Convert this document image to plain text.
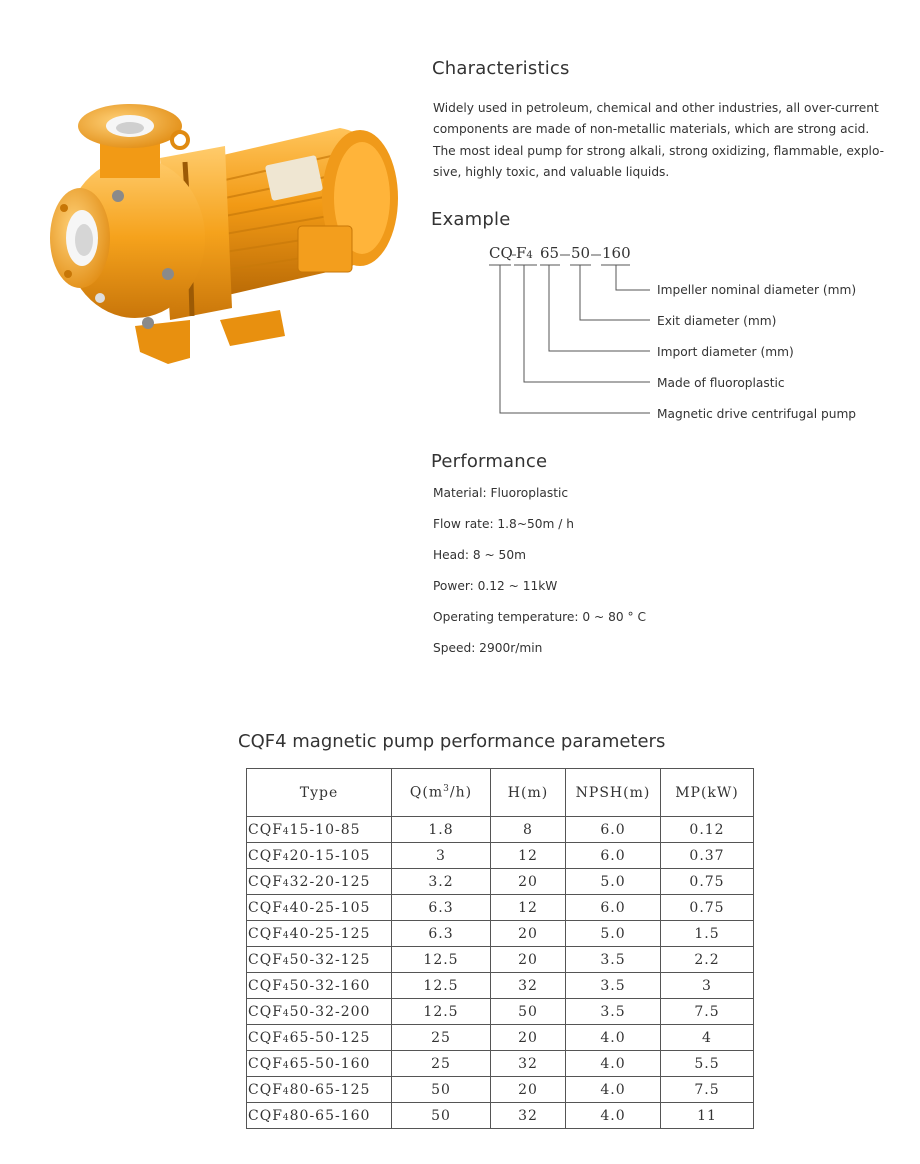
Characteristics

Widely used in petroleum, chemical and other industries, all over-current components are made of non-metallic materials, which are strong acid. The most ideal pump for strong alkali, strong oxidizing, flammable, explo-sive, highly toxic, and valuable liquids.

Example

CQ

F4

65

50

160

Impeller nominal diameter (mm)
Exit diameter (mm)
Import diameter (mm)
Made of fluoroplastic
Magnetic drive centrifugal pump
Performance

Material: Fluoroplastic

Flow rate: 1.8~50m / h

Head: 8 ~ 50m

Power: 0.12 ~ 11kW

Operating temperature: 0 ~ 80 ° C

Speed: 2900r/min

CQF4 magnetic pump performance parameters
Type	$Q(m^3/h)$	H(m)	NPSH(m)	MP(kW)
CQF415-10-85	1.8	8	6.0	0.12
CQF420-15-105	3	12	6.0	0.37
CQF432-20-125	3.2	20	5.0	0.75
CQF440-25-105	6.3	12	6.0	0.75
CQF440-25-125	6.3	20	5.0	1.5
CQF450-32-125	12.5	20	3.5	2.2
CQF450-32-160	12.5	32	3.5	3
CQF450-32-200	12.5	50	3.5	7.5
CQF465-50-125	25	20	4.0	4
CQF465-50-160	25	32	4.0	5.5
CQF480-65-125	50	20	4.0	7.5
CQF480-65-160	50	32	4.0	11
